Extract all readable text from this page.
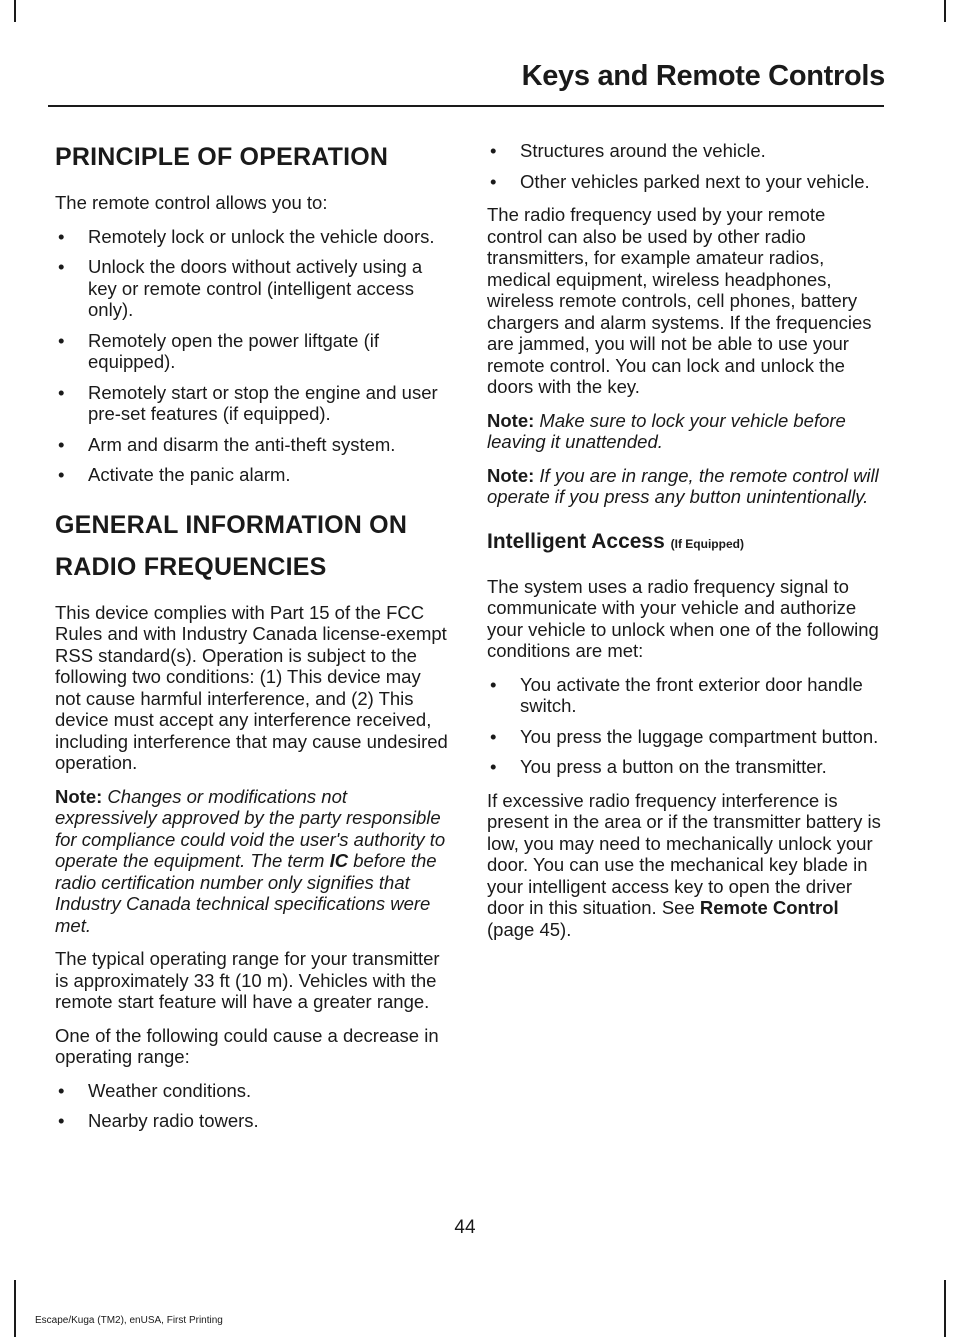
Keys and Remote Controls
PRINCIPLE OF OPERATION

The remote control allows you to:

• Remotely lock or unlock the vehicle doors.
• Unlock the doors without actively using a key or remote control (intelligent access only).
• Remotely open the power liftgate (if equipped).
• Remotely start or stop the engine and user pre-set features (if equipped).
• Arm and disarm the anti-theft system.
• Activate the panic alarm.
GENERAL INFORMATION ON
RADIO FREQUENCIES

This device complies with Part 15 of the FCC Rules and with Industry Canada license-exempt RSS standard(s). Operation is subject to the following two conditions: (1) This device may not cause harmful interference, and (2) This device must accept any interference received, including interference that may cause undesired operation.

Note: Changes or modifications not expressively approved by the party responsible for compliance could void the user's authority to operate the equipment. The term IC before the radio certification number only signifies that Industry Canada technical specifications were met.

The typical operating range for your transmitter is approximately 33 ft (10 m). Vehicles with the remote start feature will have a greater range.

One of the following could cause a decrease in operating range:

• Weather conditions.
• Nearby radio towers.
• Structures around the vehicle.
• Other vehicles parked next to your vehicle.

The radio frequency used by your remote control can also be used by other radio transmitters, for example amateur radios, medical equipment, wireless headphones, wireless remote controls, cell phones, battery chargers and alarm systems. If the frequencies are jammed, you will not be able to use your remote control. You can lock and unlock the doors with the key.

Note: Make sure to lock your vehicle before leaving it unattended.

Note: If you are in range, the remote control will operate if you press any button unintentionally.

Intelligent Access (If Equipped)

The system uses a radio frequency signal to communicate with your vehicle and authorize your vehicle to unlock when one of the following conditions are met:

• You activate the front exterior door handle switch.
• You press the luggage compartment button.
• You press a button on the transmitter.

If excessive radio frequency interference is present in the area or if the transmitter battery is low, you may need to mechanically unlock your door. You can use the mechanical key blade in your intelligent access key to open the driver door in this situation. See Remote Control (page 45).

44
Escape/Kuga (TM2), enUSA, First Printing
